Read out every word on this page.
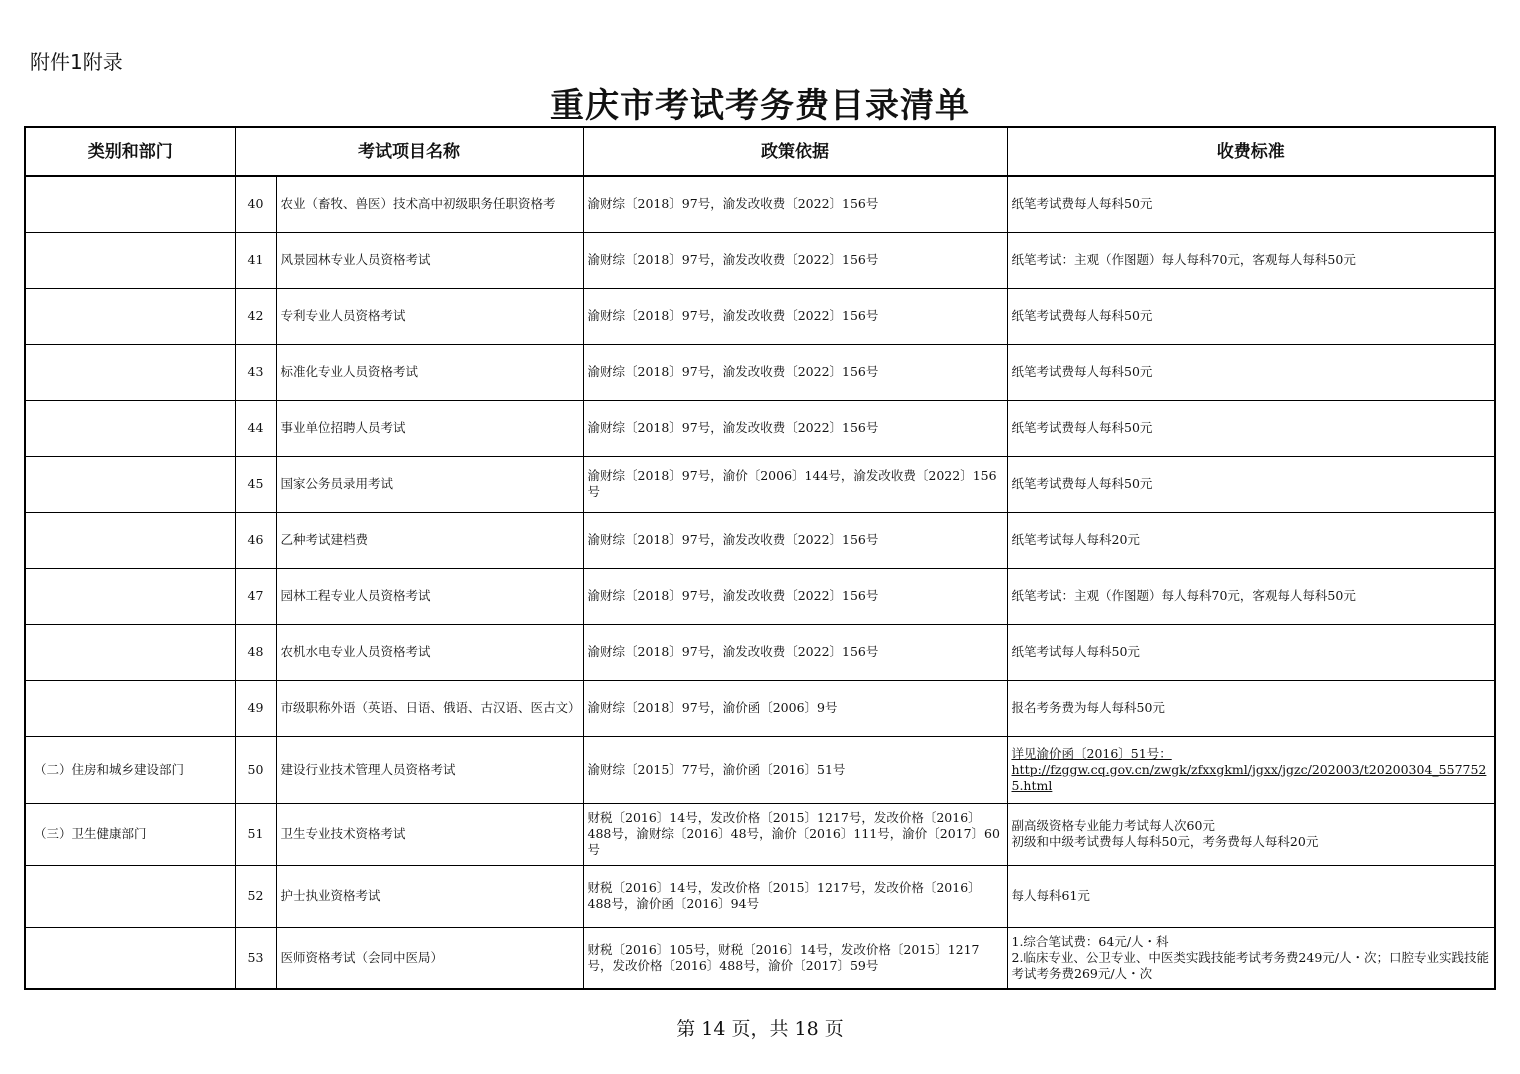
附件1附录
重庆市考试考务费目录清单
类别和部门	考试项目名称		政策依据	收费标准
	40	农业（畜牧、兽医）技术高中初级职务任职资格考	渝财综〔2018〕97号，渝发改收费〔2022〕156号	纸笔考试费每人每科50元
	41	风景园林专业人员资格考试	渝财综〔2018〕97号，渝发改收费〔2022〕156号	纸笔考试：主观（作图题）每人每科70元，客观每人每科50元
	42	专利专业人员资格考试	渝财综〔2018〕97号，渝发改收费〔2022〕156号	纸笔考试费每人每科50元
	43	标准化专业人员资格考试	渝财综〔2018〕97号，渝发改收费〔2022〕156号	纸笔考试费每人每科50元
	44	事业单位招聘人员考试	渝财综〔2018〕97号，渝发改收费〔2022〕156号	纸笔考试费每人每科50元
	45	国家公务员录用考试	渝财综〔2018〕97号，渝价〔2006〕144号，渝发改收费〔2022〕156号	纸笔考试费每人每科50元
	46	乙种考试建档费	渝财综〔2018〕97号，渝发改收费〔2022〕156号	纸笔考试每人每科20元
	47	园林工程专业人员资格考试	渝财综〔2018〕97号，渝发改收费〔2022〕156号	纸笔考试：主观（作图题）每人每科70元，客观每人每科50元
	48	农机水电专业人员资格考试	渝财综〔2018〕97号，渝发改收费〔2022〕156号	纸笔考试每人每科50元
	49	市级职称外语（英语、日语、俄语、古汉语、医古文）	渝财综〔2018〕97号，渝价函〔2006〕9号	报名考务费为每人每科50元
（二）住房和城乡建设部门	50	建设行业技术管理人员资格考试	渝财综〔2015〕77号，渝价函〔2016〕51号	详见渝价函〔2016〕51号：
http://fzggw.cq.gov.cn/zwgk/zfxxgkml/jgxx/jgzc/202003/t20200304_5577525.html
（三）卫生健康部门	51	卫生专业技术资格考试	财税〔2016〕14号，发改价格〔2015〕1217号，发改价格〔2016〕488号，渝财综〔2016〕48号，渝价〔2016〕111号，渝价〔2017〕60号	副高级资格专业能力考试每人次60元
初级和中级考试费每人每科50元，考务费每人每科20元
	52	护士执业资格考试	财税〔2016〕14号，发改价格〔2015〕1217号，发改价格〔2016〕488号，渝价函〔2016〕94号	每人每科61元
	53	医师资格考试（会同中医局）	财税〔2016〕105号，财税〔2016〕14号，发改价格〔2015〕1217号，发改价格〔2016〕488号，渝价〔2017〕59号	1.综合笔试费：64元/人・科
2.临床专业、公卫专业、中医类实践技能考试考务费249元/人・次；口腔专业实践技能考试考务费269元/人・次
第 14 页，共 18 页
